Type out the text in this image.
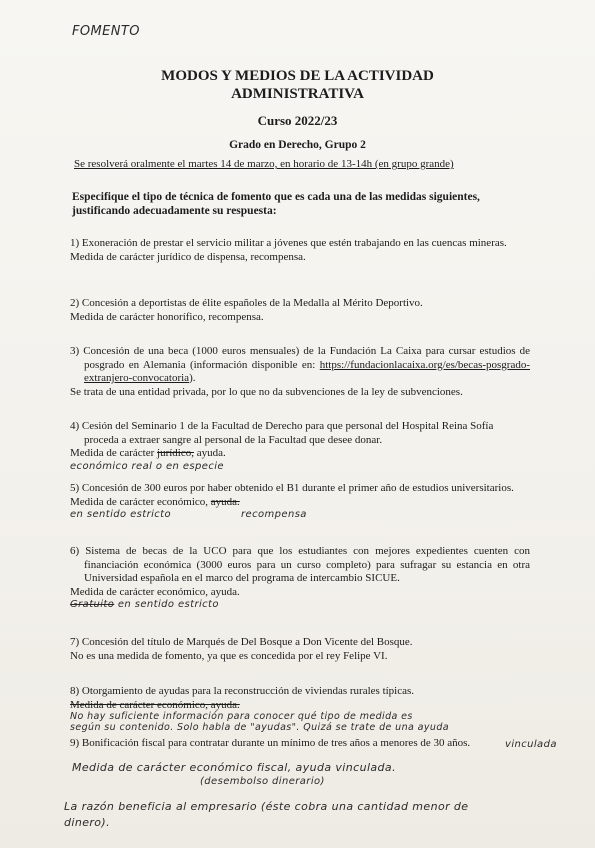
FOMENTO
MODOS Y MEDIOS DE LA ACTIVIDAD
ADMINISTRATIVA
Curso 2022/23
Grado en Derecho, Grupo 2
Se resolverá oralmente el martes 14 de marzo, en horario de 13-14h (en grupo grande)
Especifique el tipo de técnica de fomento que es cada una de las medidas siguientes, justificando adecuadamente su respuesta:
1) Exoneración de prestar el servicio militar a jóvenes que estén trabajando en las cuencas mineras.
Medida de carácter jurídico de dispensa, recompensa.
2) Concesión a deportistas de élite españoles de la Medalla al Mérito Deportivo.
Medida de carácter honorífico, recompensa.
3) Concesión de una beca (1000 euros mensuales) de la Fundación La Caixa para cursar estudios de posgrado en Alemania (información disponible en: https://fundacionlacaixa.org/es/becas-posgrado-extranjero-convocatoria).
Se trata de una entidad privada, por lo que no da subvenciones de la ley de subvenciones.
4) Cesión del Seminario 1 de la Facultad de Derecho para que personal del Hospital Reina Sofía proceda a extraer sangre al personal de la Facultad que desee donar.
Medida de carácter jurídico, ayuda.
económico real o en especie
5) Concesión de 300 euros por haber obtenido el B1 durante el primer año de estudios universitarios.
Medida de carácter económico, ayuda.
en sentido estricto	recompensa
6) Sistema de becas de la UCO para que los estudiantes con mejores expedientes cuenten con financiación económica (3000 euros para un curso completo) para sufragar su estancia en otra Universidad española en el marco del programa de intercambio SICUE.
Medida de carácter económico, ayuda.
Gratuito en sentido estricto
7) Concesión del título de Marqués de Del Bosque a Don Vicente del Bosque.
No es una medida de fomento, ya que es concedida por el rey Felipe VI.
8) Otorgamiento de ayudas para la reconstrucción de viviendas rurales típicas.
Medida de carácter económico, ayuda.
No hay suficiente información para conocer qué tipo de medida es
según su contenido. Solo habla de "ayudas". Quizá se trate de una ayuda
9) Bonificación fiscal para contratar durante un mínimo de tres años a menores de 30 años.	vinculada
Medida de carácter económico fiscal, ayuda vinculada.
(desembolso dinerario)
La razón beneficia al empresario (éste cobra una cantidad menor de
dinero).
